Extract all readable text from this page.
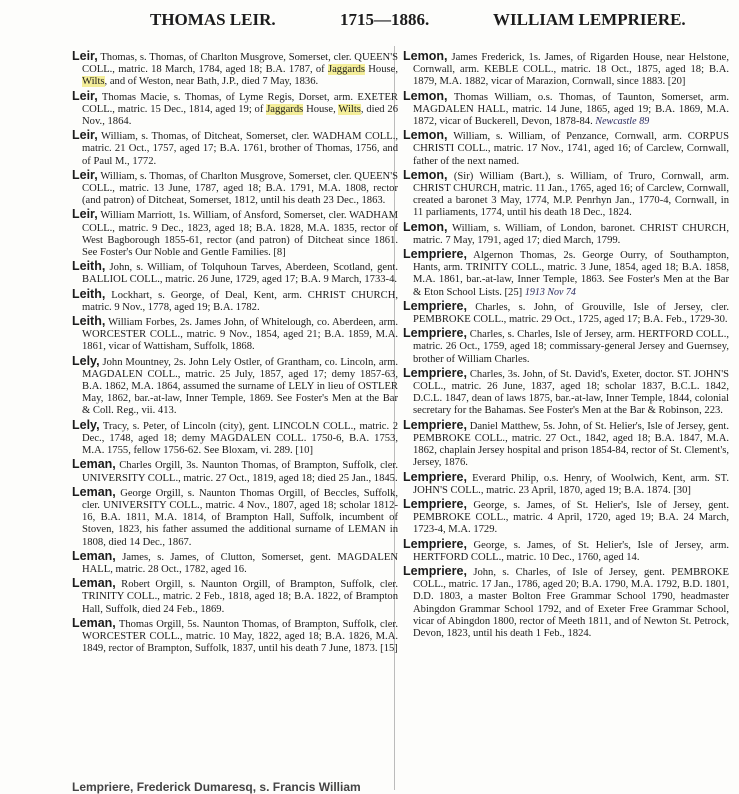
THOMAS LEIR.	1715—1886.	WILLIAM LEMPRIERE.

Leir, Thomas, s. Thomas, of Charlton Musgrove, Somerset, cler. QUEEN'S COLL., matric. 18 March, 1784, aged 18; B.A. 1787, of Jaggards House, Wilts, and of Weston, near Bath, J.P., died 7 May, 1836.

Leir, Thomas Macie, s. Thomas, of Lyme Regis, Dorset, arm. EXETER COLL., matric. 15 Dec., 1814, aged 19; of Jaggards House, Wilts, died 26 Nov., 1864.

Leir, William, s. Thomas, of Ditcheat, Somerset, cler. WADHAM COLL., matric. 21 Oct., 1757, aged 17; B.A. 1761, brother of Thomas, 1756, and of Paul M., 1772.

Leir, William, s. Thomas, of Charlton Musgrove, Somerset, cler. QUEEN'S COLL., matric. 13 June, 1787, aged 18; B.A. 1791, M.A. 1808, rector (and patron) of Ditcheat, Somerset, 1812, until his death 23 Dec., 1863.

Leir, William Marriott, 1s. William, of Ansford, Somerset, cler. WADHAM COLL., matric. 9 Dec., 1823, aged 18; B.A. 1828, M.A. 1835, rector of West Bagborough 1855-61, rector (and patron) of Ditcheat since 1861. See Foster's Our Noble and Gentle Families. [8]

Leith, John, s. William, of Tolquhoun Tarves, Aberdeen, Scotland, gent. BALLIOL COLL., matric. 26 June, 1729, aged 17; B.A. 9 March, 1733-4.

Leith, Lockhart, s. George, of Deal, Kent, arm. CHRIST CHURCH, matric. 9 Nov., 1778, aged 19; B.A. 1782.

Leith, William Forbes, 2s. James John, of Whitelough, co. Aberdeen, arm. WORCESTER COLL., matric. 9 Nov., 1854, aged 21; B.A. 1859, M.A. 1861, vicar of Wattisham, Suffolk, 1868.

Lely, John Mountney, 2s. John Lely Ostler, of Grantham, co. Lincoln, arm. MAGDALEN COLL., matric. 25 July, 1857, aged 17; demy 1857-63, B.A. 1862, M.A. 1864, assumed the surname of LELY in lieu of OSTLER May, 1862, bar.-at-law, Inner Temple, 1869. See Foster's Men at the Bar & Coll. Reg., vii. 413.

Lely, Tracy, s. Peter, of Lincoln (city), gent. LINCOLN COLL., matric. 2 Dec., 1748, aged 18; demy MAGDALEN COLL. 1750-6, B.A. 1753, M.A. 1755, fellow 1756-62. See Bloxam, vi. 289. [10]

Leman, Charles Orgill, 3s. Naunton Thomas, of Brampton, Suffolk, cler. UNIVERSITY COLL., matric. 27 Oct., 1819, aged 18; died 25 Jan., 1845.

Leman, George Orgill, s. Naunton Thomas Orgill, of Beccles, Suffolk, cler. UNIVERSITY COLL., matric. 4 Nov., 1807, aged 18; scholar 1812-16, B.A. 1811, M.A. 1814, of Brampton Hall, Suffolk, incumbent of Stoven, 1823, his father assumed the additional surname of LEMAN in 1808, died 14 Dec., 1867.

Leman, James, s. James, of Clutton, Somerset, gent. MAGDALEN HALL, matric. 28 Oct., 1782, aged 16.

Leman, Robert Orgill, s. Naunton Orgill, of Brampton, Suffolk, cler. TRINITY COLL., matric. 2 Feb., 1818, aged 18; B.A. 1822, of Brampton Hall, Suffolk, died 24 Feb., 1869.

Leman, Thomas Orgill, 5s. Naunton Thomas, of Brampton, Suffolk, cler. WORCESTER COLL., matric. 10 May, 1822, aged 18; B.A. 1826, M.A. 1849, rector of Brampton, Suffolk, 1837, until his death 7 June, 1873. [15]

Lemon, James Frederick, 1s. James, of Rigarden House, near Helstone, Cornwall, arm. KEBLE COLL., matric. 18 Oct., 1875, aged 18; B.A. 1879, M.A. 1882, vicar of Marazion, Cornwall, since 1883. [20]

Lemon, Thomas William, o.s. Thomas, of Taunton, Somerset, arm. MAGDALEN HALL, matric. 14 June, 1865, aged 19; B.A. 1869, M.A. 1872, vicar of Buckerell, Devon, 1878-84. Newcastle 89

Lemon, William, s. William, of Penzance, Cornwall, arm. CORPUS CHRISTI COLL., matric. 17 Nov., 1741, aged 16; of Carclew, Cornwall, father of the next named.

Lemon, (Sir) William (Bart.), s. William, of Truro, Cornwall, arm. CHRIST CHURCH, matric. 11 Jan., 1765, aged 16; of Carclew, Cornwall, created a baronet 3 May, 1774, M.P. Penrhyn Jan., 1770-4, Cornwall, in 11 parliaments, 1774, until his death 18 Dec., 1824.

Lemon, William, s. William, of London, baronet. CHRIST CHURCH, matric. 7 May, 1791, aged 17; died March, 1799.

Lempriere, Algernon Thomas, 2s. George Ourry, of Southampton, Hants, arm. TRINITY COLL., matric. 3 June, 1854, aged 18; B.A. 1858, M.A. 1861, bar.-at-law, Inner Temple, 1863. See Foster's Men at the Bar & Eton School Lists. [25] 1913 Nov 74

Lempriere, Charles, s. John, of Grouville, Isle of Jersey, cler. PEMBROKE COLL., matric. 29 Oct., 1725, aged 17; B.A. Feb., 1729-30.

Lempriere, Charles, s. Charles, Isle of Jersey, arm. HERTFORD COLL., matric. 26 Oct., 1759, aged 18; commissary-general Jersey and Guernsey, brother of William Charles.

Lempriere, Charles, 3s. John, of St. David's, Exeter, doctor. ST. JOHN'S COLL., matric. 26 June, 1837, aged 18; scholar 1837, B.C.L. 1842, D.C.L. 1847, dean of laws 1875, bar.-at-law, Inner Temple, 1844, colonial secretary for the Bahamas. See Foster's Men at the Bar & Robinson, 223.

Lempriere, Daniel Matthew, 5s. John, of St. Helier's, Isle of Jersey, gent. PEMBROKE COLL., matric. 27 Oct., 1842, aged 18; B.A. 1847, M.A. 1862, chaplain Jersey hospital and prison 1854-84, rector of St. Clement's, Jersey, 1876.

Lempriere, Everard Philip, o.s. Henry, of Woolwich, Kent, arm. ST. JOHN'S COLL., matric. 23 April, 1870, aged 19; B.A. 1874. [30]

Lempriere, George, s. James, of St. Helier's, Isle of Jersey, gent. PEMBROKE COLL., matric. 4 April, 1720, aged 19; B.A. 24 March, 1723-4, M.A. 1729.

Lempriere, George, s. James, of St. Helier's, Isle of Jersey, arm. HERTFORD COLL., matric. 10 Dec., 1760, aged 14.

Lempriere, John, s. Charles, of Isle of Jersey, gent. PEMBROKE COLL., matric. 17 Jan., 1786, aged 20; B.A. 1790, M.A. 1792, B.D. 1801, D.D. 1803, a master Bolton Free Grammar School 1790, headmaster Abingdon Grammar School 1792, and of Exeter Free Grammar School, vicar of Abingdon 1800, rector of Meeth 1811, and of Newton St. Petrock, Devon, 1823, until his death 1 Feb., 1824.

Lempriere, Frederick Dumaresq, s. Francis William
